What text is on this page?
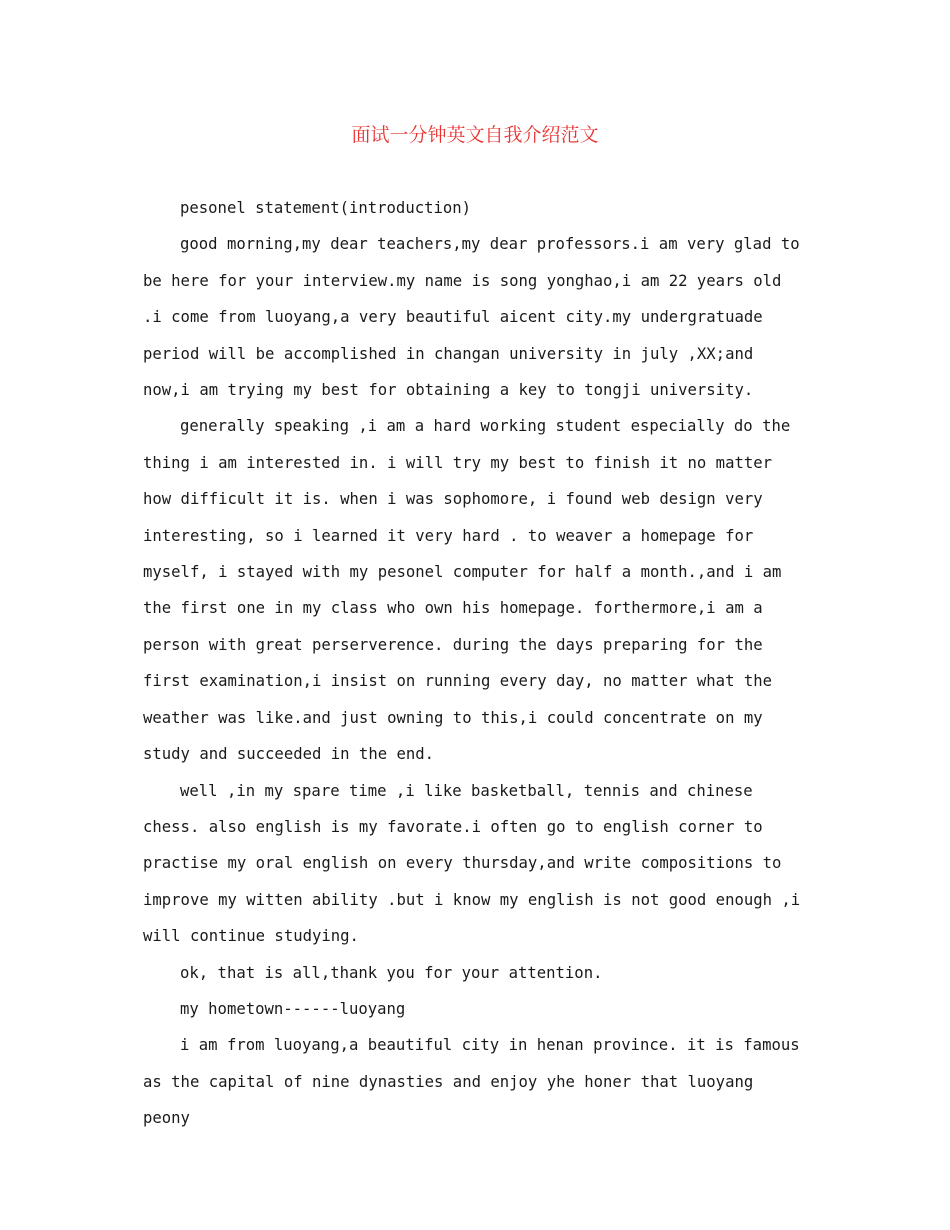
面试一分钟英文自我介绍范文

pesonel statement(introduction)

good morning,my dear teachers,my dear professors.i am very glad to be here for your interview.my name is song yonghao,i am 22 years old .i come from luoyang,a very beautiful aicent city.my undergratuade period will be accomplished in changan university in july ,XX;and now,i am trying my best for obtaining a key to tongji university.

generally speaking ,i am a hard working student especially do the thing i am interested in. i will try my best to finish it no matter how difficult it is. when i was sophomore, i found web design very interesting, so i learned it very hard . to weaver a homepage for myself, i stayed with my pesonel computer for half a month.,and i am the first one in my class who own his homepage. forthermore,i am a person with great perserverence. during the days preparing for the first examination,i insist on running every day, no matter what the weather was like.and just owning to this,i could concentrate on my study and succeeded in the end.

well ,in my spare time ,i like basketball, tennis and chinese chess. also english is my favorate.i often go to english corner to practise my oral english on every thursday,and write compositions to improve my witten ability .but i know my english is not good enough ,i will continue studying.

ok, that is all,thank you for your attention.

my hometown------luoyang

i am from luoyang,a beautiful city in henan province. it is famous as the capital of nine dynasties and enjoy yhe honer that luoyang peony
